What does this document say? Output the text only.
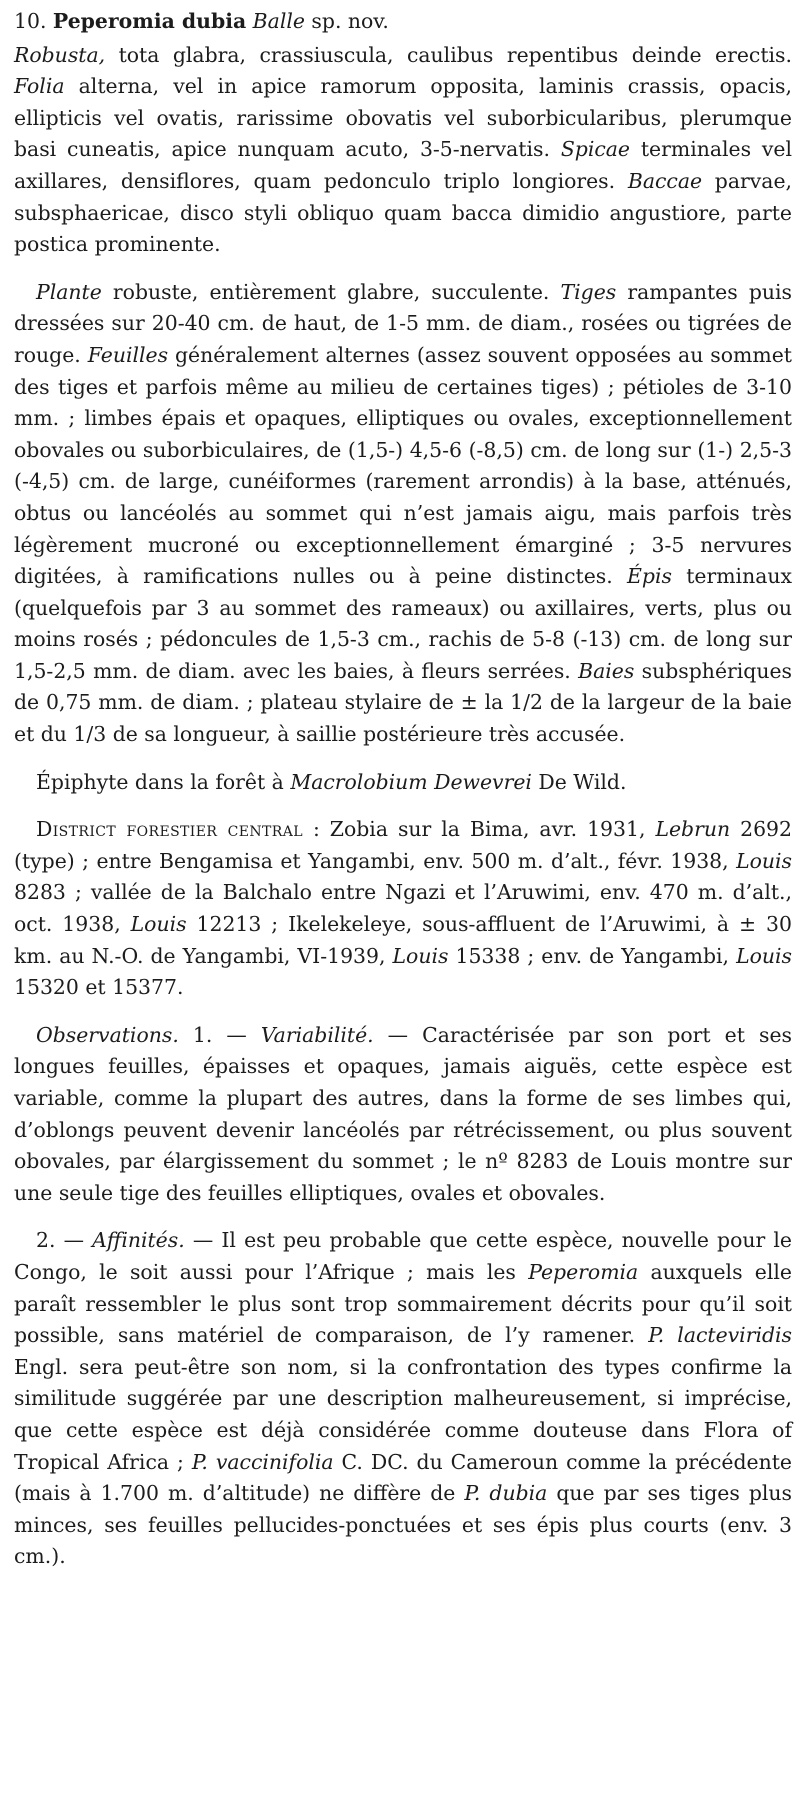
10. Peperomia dubia Balle sp. nov.

Robusta, tota glabra, crassiuscula, caulibus repentibus deinde erectis. Folia alterna, vel in apice ramorum opposita, laminis crassis, opacis, ellipticis vel ovatis, rarissime obovatis vel suborbicularibus, plerumque basi cuneatis, apice nunquam acuto, 3-5-nervatis. Spicae terminales vel axillares, densiflores, quam pedonculo triplo longiores. Baccae parvae, subsphaericae, disco styli obliquo quam bacca dimidio angustiore, parte postica prominente.

Plante robuste, entièrement glabre, succulente. Tiges rampantes puis dressées sur 20-40 cm. de haut, de 1-5 mm. de diam., rosées ou tigrées de rouge. Feuilles généralement alternes (assez souvent opposées au sommet des tiges et parfois même au milieu de certaines tiges) ; pétioles de 3-10 mm. ; limbes épais et opaques, elliptiques ou ovales, exceptionnellement obovales ou suborbiculaires, de (1,5-) 4,5-6 (-8,5) cm. de long sur (1-) 2,5-3 (-4,5) cm. de large, cunéiformes (rarement arrondis) à la base, atténués, obtus ou lancéolés au sommet qui n’est jamais aigu, mais parfois très légèrement mucroné ou exceptionnellement émarginé ; 3-5 nervures digitées, à ramifications nulles ou à peine distinctes. Épis terminaux (quelquefois par 3 au sommet des rameaux) ou axillaires, verts, plus ou moins rosés ; pédoncules de 1,5-3 cm., rachis de 5-8 (-13) cm. de long sur 1,5-2,5 mm. de diam. avec les baies, à fleurs serrées. Baies subsphériques de 0,75 mm. de diam. ; plateau stylaire de ± la 1/2 de la largeur de la baie et du 1/3 de sa longueur, à saillie postérieure très accusée.

Épiphyte dans la forêt à Macrolobium Dewevrei De Wild.

District forestier central : Zobia sur la Bima, avr. 1931, Lebrun 2692 (type) ; entre Bengamisa et Yangambi, env. 500 m. d’alt., févr. 1938, Louis 8283 ; vallée de la Balchalo entre Ngazi et l’Aruwimi, env. 470 m. d’alt., oct. 1938, Louis 12213 ; Ikelekeleye, sous-affluent de l’Aruwimi, à ± 30 km. au N.-O. de Yangambi, VI-1939, Louis 15338 ; env. de Yangambi, Louis 15320 et 15377.

Observations. 1. — Variabilité. — Caractérisée par son port et ses longues feuilles, épaisses et opaques, jamais aiguës, cette espèce est variable, comme la plupart des autres, dans la forme de ses limbes qui, d’oblongs peuvent devenir lancéolés par rétrécissement, ou plus souvent obovales, par élargissement du sommet ; le nº 8283 de Louis montre sur une seule tige des feuilles elliptiques, ovales et obovales.

2. — Affinités. — Il est peu probable que cette espèce, nouvelle pour le Congo, le soit aussi pour l’Afrique ; mais les Peperomia auxquels elle paraît ressembler le plus sont trop sommairement décrits pour qu’il soit possible, sans matériel de comparaison, de l’y ramener. P. lacteviridis Engl. sera peut-être son nom, si la confrontation des types confirme la similitude suggérée par une description malheureusement, si imprécise, que cette espèce est déjà considérée comme douteuse dans Flora of Tropical Africa ; P. vaccinifolia C. DC. du Cameroun comme la précédente (mais à 1.700 m. d’altitude) ne diffère de P. dubia que par ses tiges plus minces, ses feuilles pellucides-ponctuées et ses épis plus courts (env. 3 cm.).
